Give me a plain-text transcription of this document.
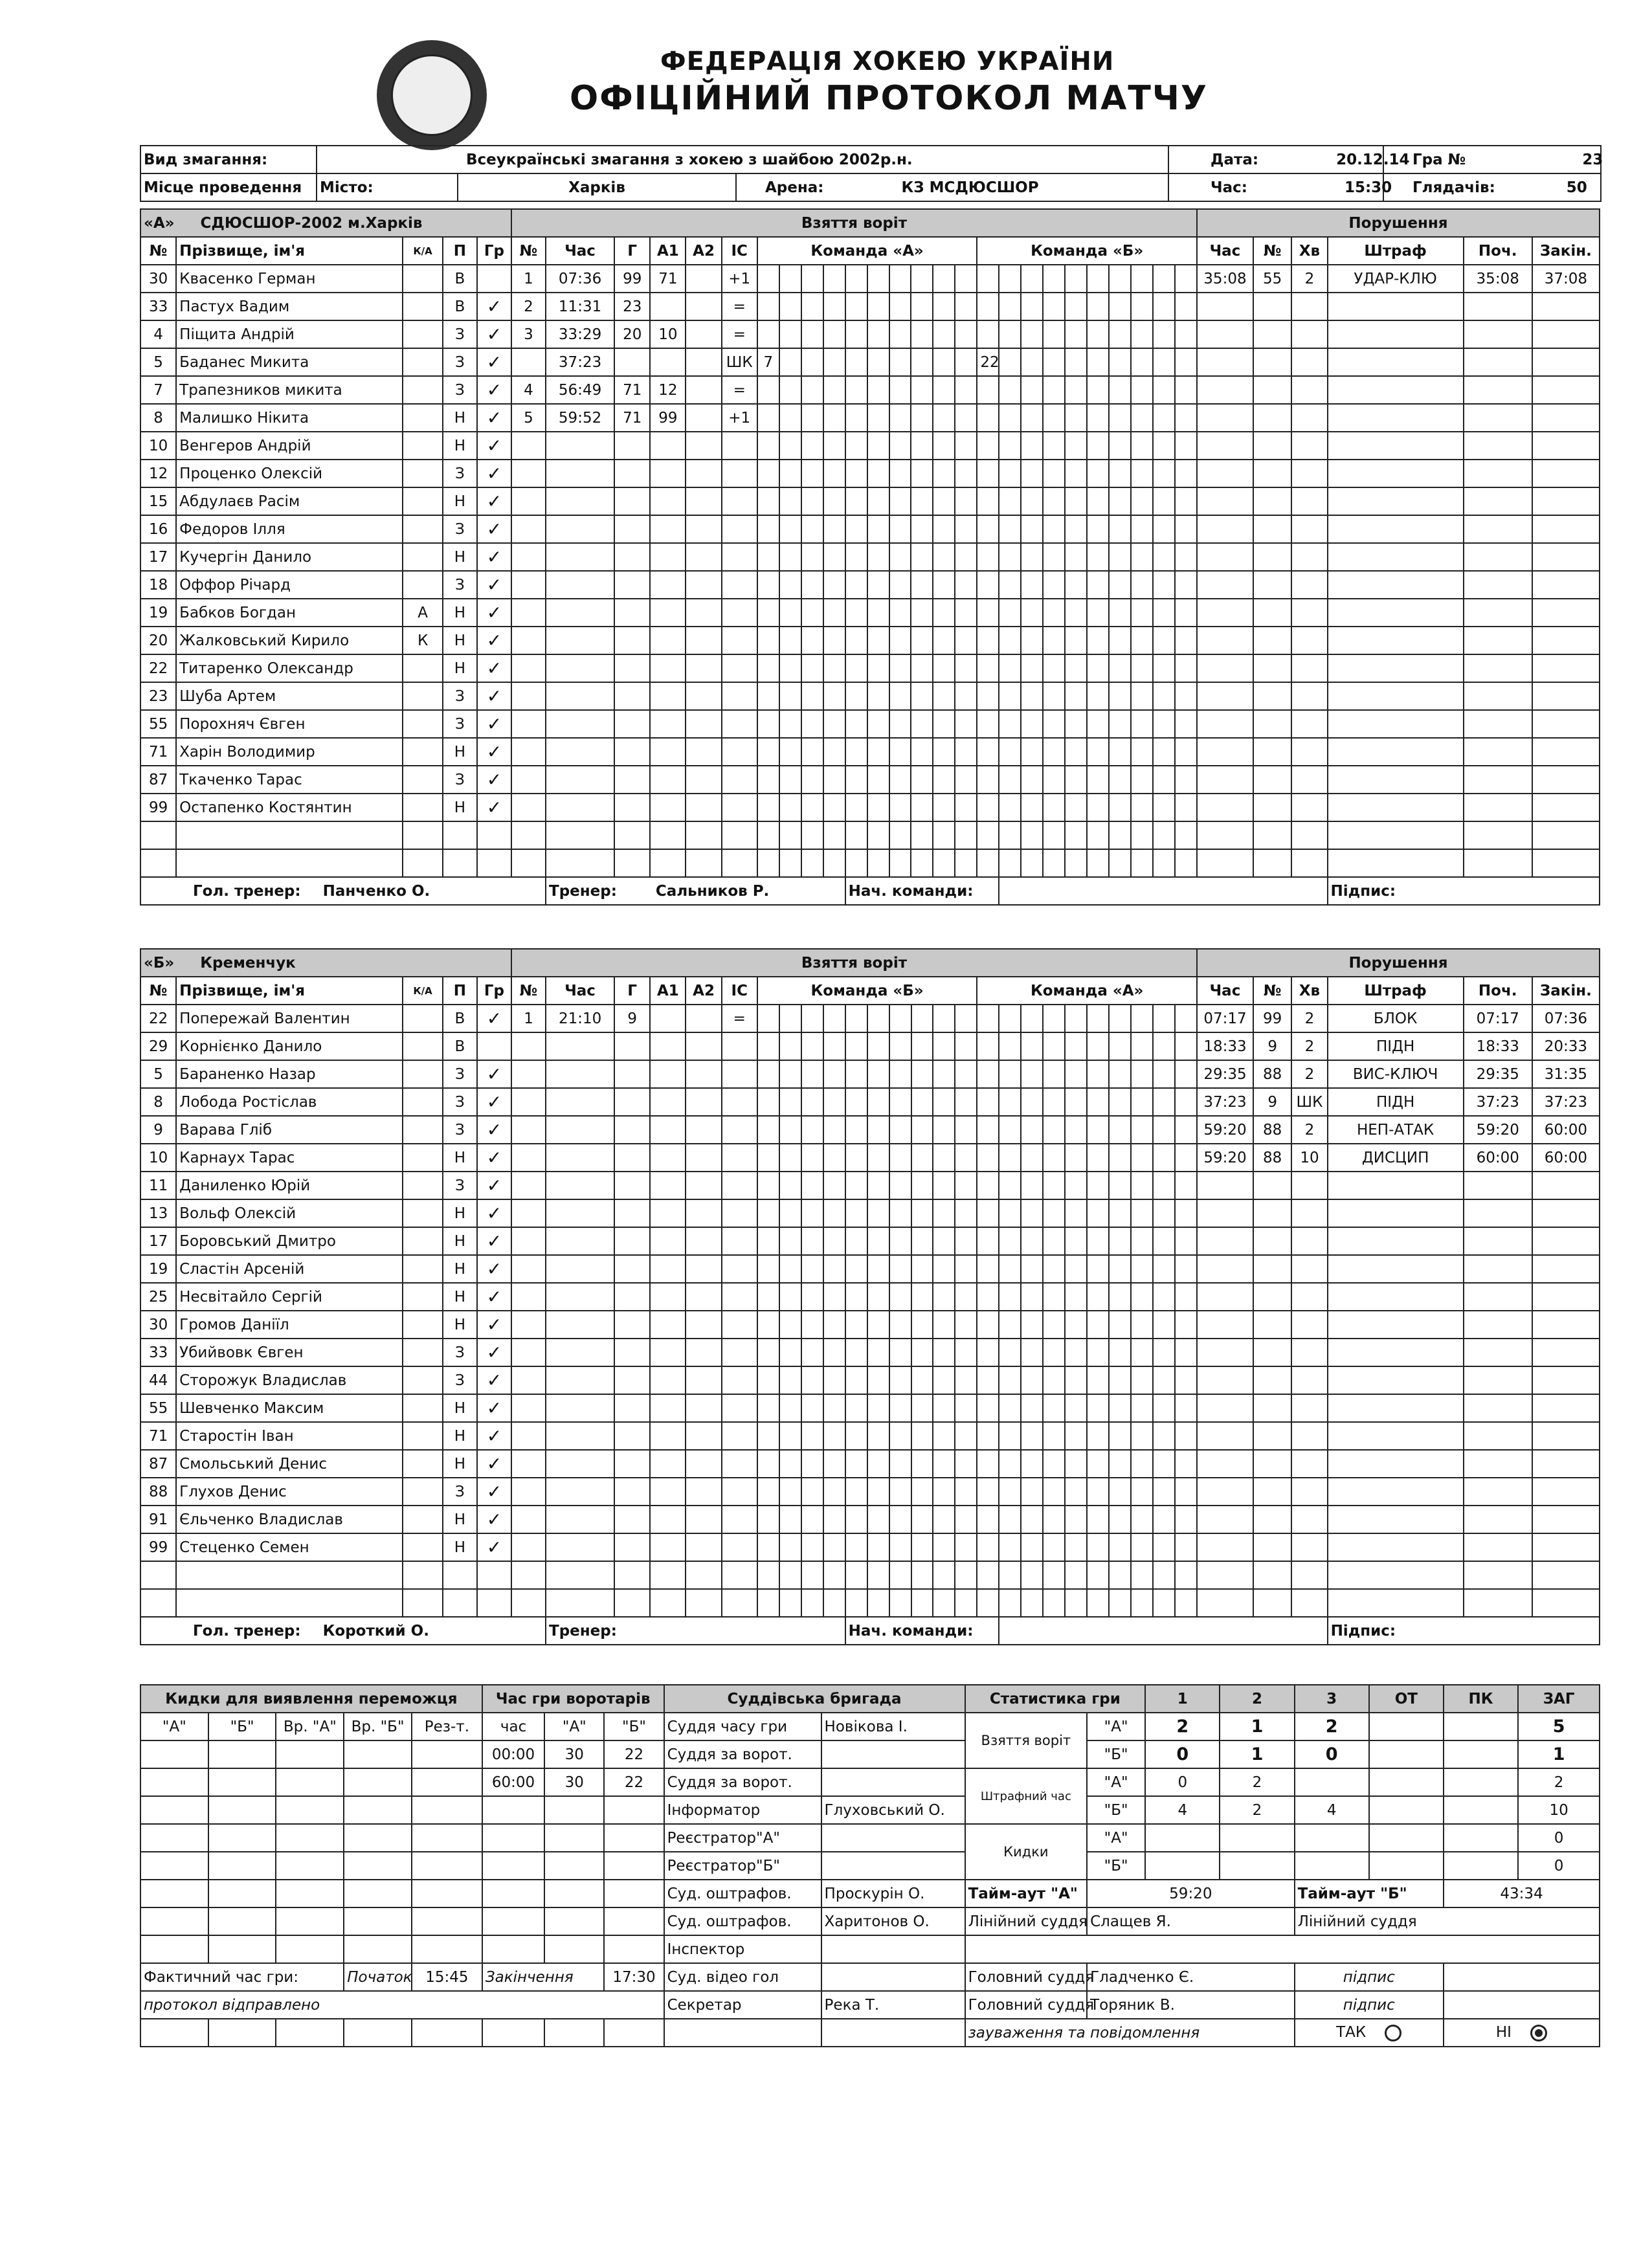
ФЕДЕРАЦІЯ ХОКЕЮ УКРАЇНИ
ОФІЦІЙНИЙ ПРОТОКОЛ МАТЧУ
Вид змагання:	Всеукраїнські змагання з хокею з шайбою 2002р.н.			Дата: 20.12.14	Гра № 23
Місце проведення	Місто:	Харків	Арена: КЗ МСДЮСШОР	Час: 15:30	Глядачів: 50
«А» СДЮСШОР-2002 м.Харків					Взяття воріт																										Порушення					
№	Прізвище, ім'я	К/А	П	Гр	№	Час	Г	А1	А2	ІС	Команда «А»										Команда «Б»										Час	№	Хв	Штраф	Поч.	Закін.
30	Квасенко Герман		В		1	07:36	99	71		+1																					35:08	55	2	УДАР-КЛЮ	35:08	37:08
33	Пастух Вадим		В	✓	2	11:31	23			=																										
4	Піщита Андрій		З	✓	3	33:29	20	10		=																										
5	Баданес Микита		З	✓		37:23				ШК	7										22															
7	Трапезников микита		З	✓	4	56:49	71	12		=																										
8	Малишко Нікита		Н	✓	5	59:52	71	99		+1																										
10	Венгеров Андрій		Н	✓																																
12	Проценко Олексій		З	✓																																
15	Абдулаєв Расім		Н	✓																																
16	Федоров Ілля		З	✓																																
17	Кучергін Данило		Н	✓																																
18	Оффор Річард		З	✓																																
19	Бабков Богдан	А	Н	✓																																
20	Жалковський Кирило	К	Н	✓																																
22	Титаренко Олександр		Н	✓																																
23	Шуба Артем		З	✓																																
55	Порохняч Євген		З	✓																																
71	Харін Володимир		Н	✓																																
87	Ткаченко Тарас		З	✓																																
99	Остапенко Костянтин		Н	✓																																

Гол. тренер: Панченко О.						Тренер: Сальников Р.									Нач. команди:																			Підпис:		
«Б» Кременчук					Взяття воріт																										Порушення					
№	Прізвище, ім'я	К/А	П	Гр	№	Час	Г	А1	А2	ІС	Команда «Б»										Команда «А»										Час	№	Хв	Штраф	Поч.	Закін.
22	Попережай Валентин		В	✓	1	21:10	9			=																					07:17	99	2	БЛОК	07:17	07:36
29	Корнієнко Данило		В																												18:33	9	2	ПІДН	18:33	20:33
5	Бараненко Назар		З	✓																											29:35	88	2	ВИС-КЛЮЧ	29:35	31:35
8	Лобода Ростіслав		З	✓																											37:23	9	ШК	ПІДН	37:23	37:23
9	Варава Гліб		З	✓																											59:20	88	2	НЕП-АТАК	59:20	60:00
10	Карнаух Тарас		Н	✓																											59:20	88	10	ДИСЦИП	60:00	60:00
11	Даниленко Юрій		З	✓																																
13	Вольф Олексій		Н	✓																																
17	Боровський Дмитро		Н	✓																																
19	Сластін Арсеній		Н	✓																																
25	Несвітайло Сергій		Н	✓																																
30	Громов Даніїл		Н	✓																																
33	Убийвовк Євген		З	✓																																
44	Сторожук Владислав		З	✓																																
55	Шевченко Максим		Н	✓																																
71	Старостін Іван		Н	✓																																
87	Смольський Денис		Н	✓																																
88	Глухов Денис		З	✓																																
91	Єльченко Владислав		Н	✓																																
99	Стеценко Семен		Н	✓																																

Гол. тренер: Короткий О.						Тренер:									Нач. команди:																			Підпис:		
Кидки для виявлення переможця					Час гри воротарів			Суддівська бригада		Статистика гри		1	2	3	ОТ	ПК	ЗАГ
"А"	"Б"	Вр. "А"	Вр. "Б"	Рез-т.	час	"А"	"Б"	Суддя часу гри	Новікова І.	Взяття воріт	"А"	2	1	2			5
					00:00	30	22	Суддя за ворот.			"Б"	0	1	0			1
					60:00	30	22	Суддя за ворот.		Штрафний час	"А"	0	2				2
								Інформатор	Глуховський О.		"Б"	4	2	4			10
								Реєстратор"А"		Кидки	"А"						0
								Реєстратор"Б"			"Б"						0
								Суд. оштрафов.	Проскурін О.	Тайм-аут "А"	59:20			Тайм-аут "Б"		43:34	
								Суд. оштрафов.	Харитонов О.	Лінійний суддя	Слащев Я.			Лінійний суддя			
								Інспектор									
Фактичний час гри:			Початок	15:45	Закінчення		17:30	Суд. відео гол		Головний суддя	Гладченко Є.			підпис			
протокол відправлено								Секретар	Река Т.	Головний суддя	Торяник В.			підпис			
										зауваження та повідомлення				ТАК		НІ	
